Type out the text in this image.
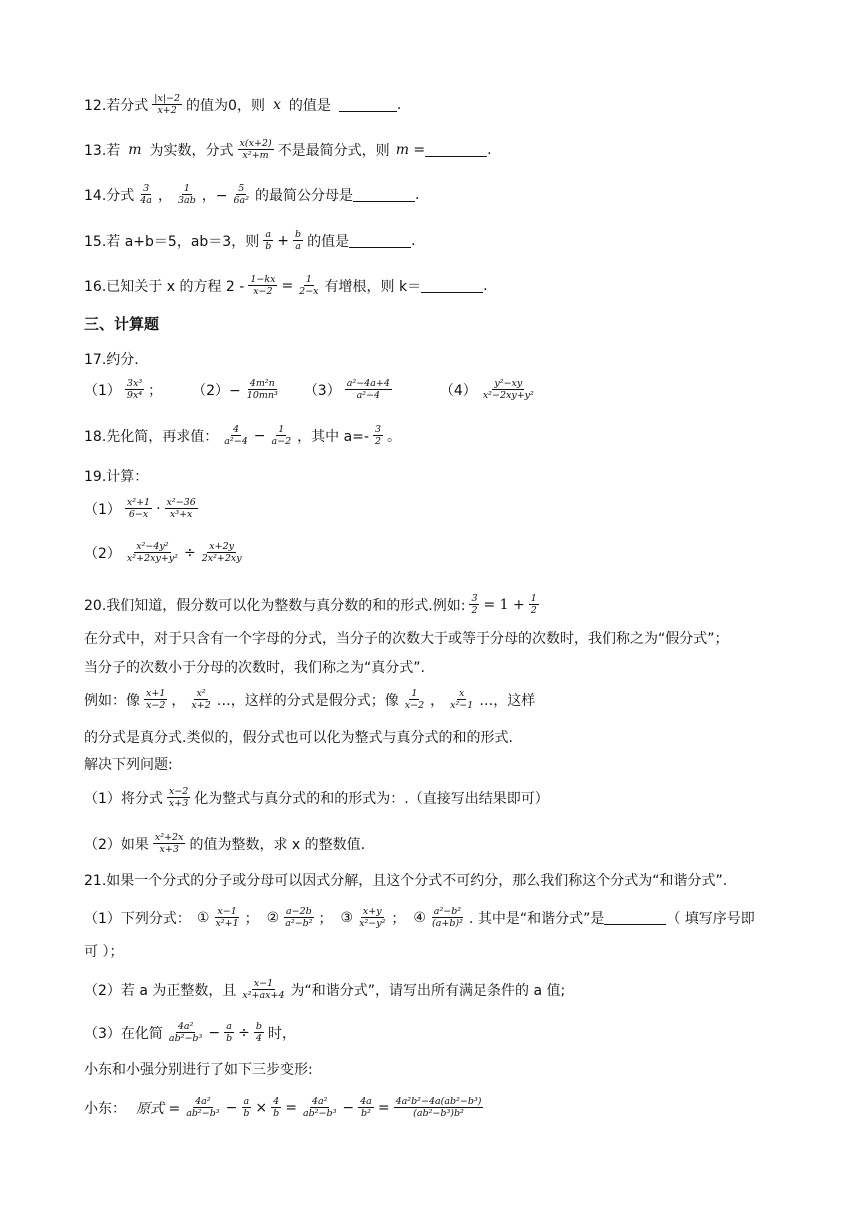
12.若分式 $\frac{|x|-2}{x+2}$ 的值为0，则 x 的值是	.
13.若 m 为实数，分式 $\frac{x(x+2)}{\text{x²+m}}$ 不是最简分式，则 m =	.
14.分式 $\frac{3}{4a}$ ， $\frac{1}{3ab}$ ，− $\frac{5}{\text{6a²}}$ 的最简公分母是	.
15.若 a+b＝5，ab＝3，则 $\frac{a}{b} + \frac{b}{a}$ 的值是	.
16.已知关于 x 的方程 $2 - \frac{1-kx}{x-2} = \frac{1}{2-x}$ 有增根，则 k＝	.
三、计算题
17.约分.
$(1) \frac{\text{3x³}}{\text{9x⁴}}$ ； $(2)- \frac{\text{4m²n}}{\text{10mn³}} (3) \frac{\text{a²−4a+4}}{\text{a²−4}}$	$(4) \frac{\text{y²−xy}}{\text{x²−2xy+y²}}$
18.先化简，再求值： $\frac{4}{\text{a²−4}} - \frac{1}{a-2}$ ，其中 $a=- \frac{3}{2}$ 。
19.计算：
$(1) \frac{\text{x²+1}}{6-x} \cdot \frac{\text{x²−36}}{\text{x³+x}}$
$(2) \frac{\text{x²−4y²}}{\text{x²+2xy+y²}} \div \frac{x+2y}{\text{2x²+2xy}}$
20.我们知道，假分数可以化为整数与真分数的和的形式.例如: $\frac{3}{2} = 1 + \frac{1}{2}$
在分式中，对于只含有一个字母的分式，当分子的次数大于或等于分母的次数时，我们称之为“假分式”；
当分子的次数小于分母的次数时，我们称之为“真分式”.
例如：像 $\frac{x+1}{x-2}$ ， $\frac{\text{x²}}{x+2}$ …，这样的分式是假分式；像 $\frac{1}{x-2}$ ， $\frac{x}{\text{x²−1}}$ …，这样
的分式是真分式.类似的，假分式也可以化为整式与真分式的和的形式.
解决下列问题:
（1）将分式 $\frac{x-2}{x+3}$ 化为整式与真分式的和的形式为：.（直接写出结果即可）
（2）如果 $\frac{\text{x²+2x}}{x+3}$ 的值为整数，求 x 的整数值.
21.如果一个分式的分子或分母可以因式分解，且这个分式不可约分，那么我们称这个分式为“和谐分式”.
（1）下列分式： ① $\frac{x-1}{\text{x²+1}}$ ； ② $\frac{a-2b}{\text{a²−b²}}$ ； ③ $\frac{x+y}{\text{x²−y²}}$ ； ④ $\frac{\text{a²−b²}}{\text{(a+b)²}}$ . 其中是“和谐分式”是	（ 填写序号即
可 ）；
（2）若 a 为正整数，且 $\frac{x-1}{\text{x²+ax+4}}$ 为“和谐分式”，请写出所有满足条件的 a 值;
（3）在化简 $\frac{\text{4a²}}{\text{ab²−b³}} - \frac{a}{b} \div \frac{b}{4}$ 时，
小东和小强分别进行了如下三步变形:
小东： 原式 = $\frac{\text{4a²}}{\text{ab²−b³}} - \frac{a}{b} \times \frac{4}{b} = \frac{\text{4a²}}{\text{ab²−b³}} - \frac{4a}{\text{b²}} = \frac{\text{4a²b²−4a(ab²−b³)}}{\text{(ab²−b³)b²}}$
